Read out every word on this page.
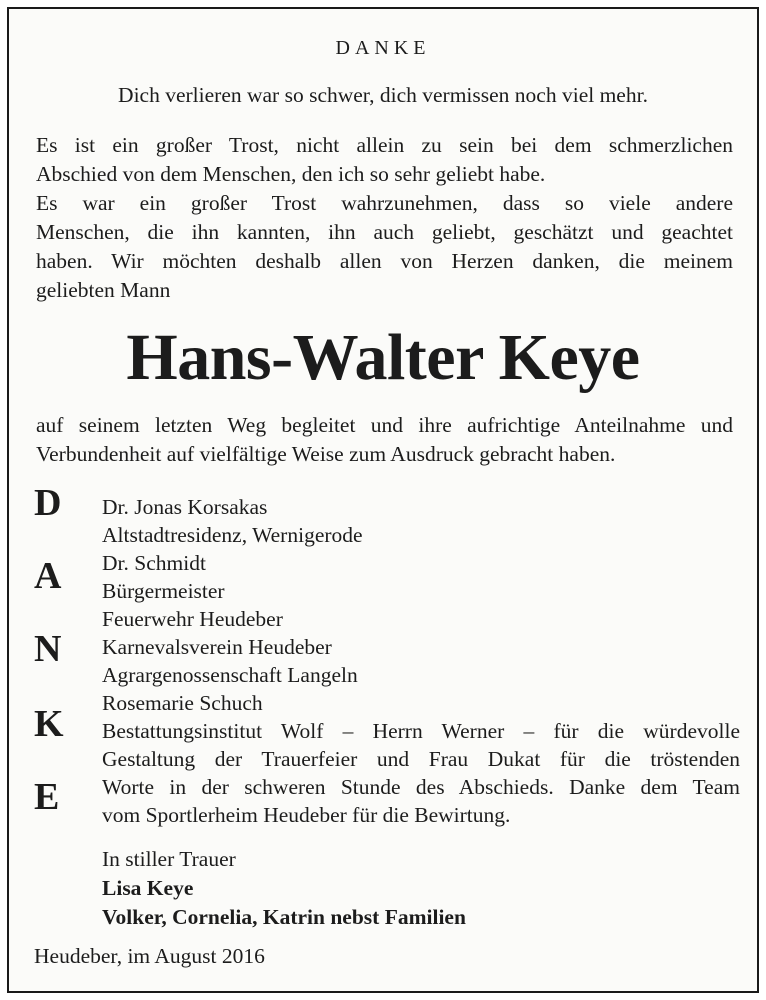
DANKE
Dich verlieren war so schwer, dich vermissen noch viel mehr.
Es ist ein großer Trost, nicht allein zu sein bei dem schmerzlichen
Abschied von dem Menschen, den ich so sehr geliebt habe.
Es war ein großer Trost wahrzunehmen, dass so viele andere
Menschen, die ihn kannten, ihn auch geliebt, geschätzt und geachtet
haben. Wir möchten deshalb allen von Herzen danken, die meinem
geliebten Mann
Hans-Walter Keye
auf seinem letzten Weg begleitet und ihre aufrichtige Anteilnahme und
Verbundenheit auf vielfältige Weise zum Ausdruck gebracht haben.
D
A
N
K
E
Dr. Jonas Korsakas
Altstadtresidenz, Wernigerode
Dr. Schmidt
Bürgermeister
Feuerwehr Heudeber
Karnevalsverein Heudeber
Agrargenossenschaft Langeln
Rosemarie Schuch
Bestattungsinstitut Wolf – Herrn Werner – für die würdevolle
Gestaltung der Trauerfeier und Frau Dukat für die tröstenden
Worte in der schweren Stunde des Abschieds. Danke dem Team
vom Sportlerheim Heudeber für die Bewirtung.
In stiller Trauer
Lisa Keye
Volker, Cornelia, Katrin nebst Familien
Heudeber, im August 2016
